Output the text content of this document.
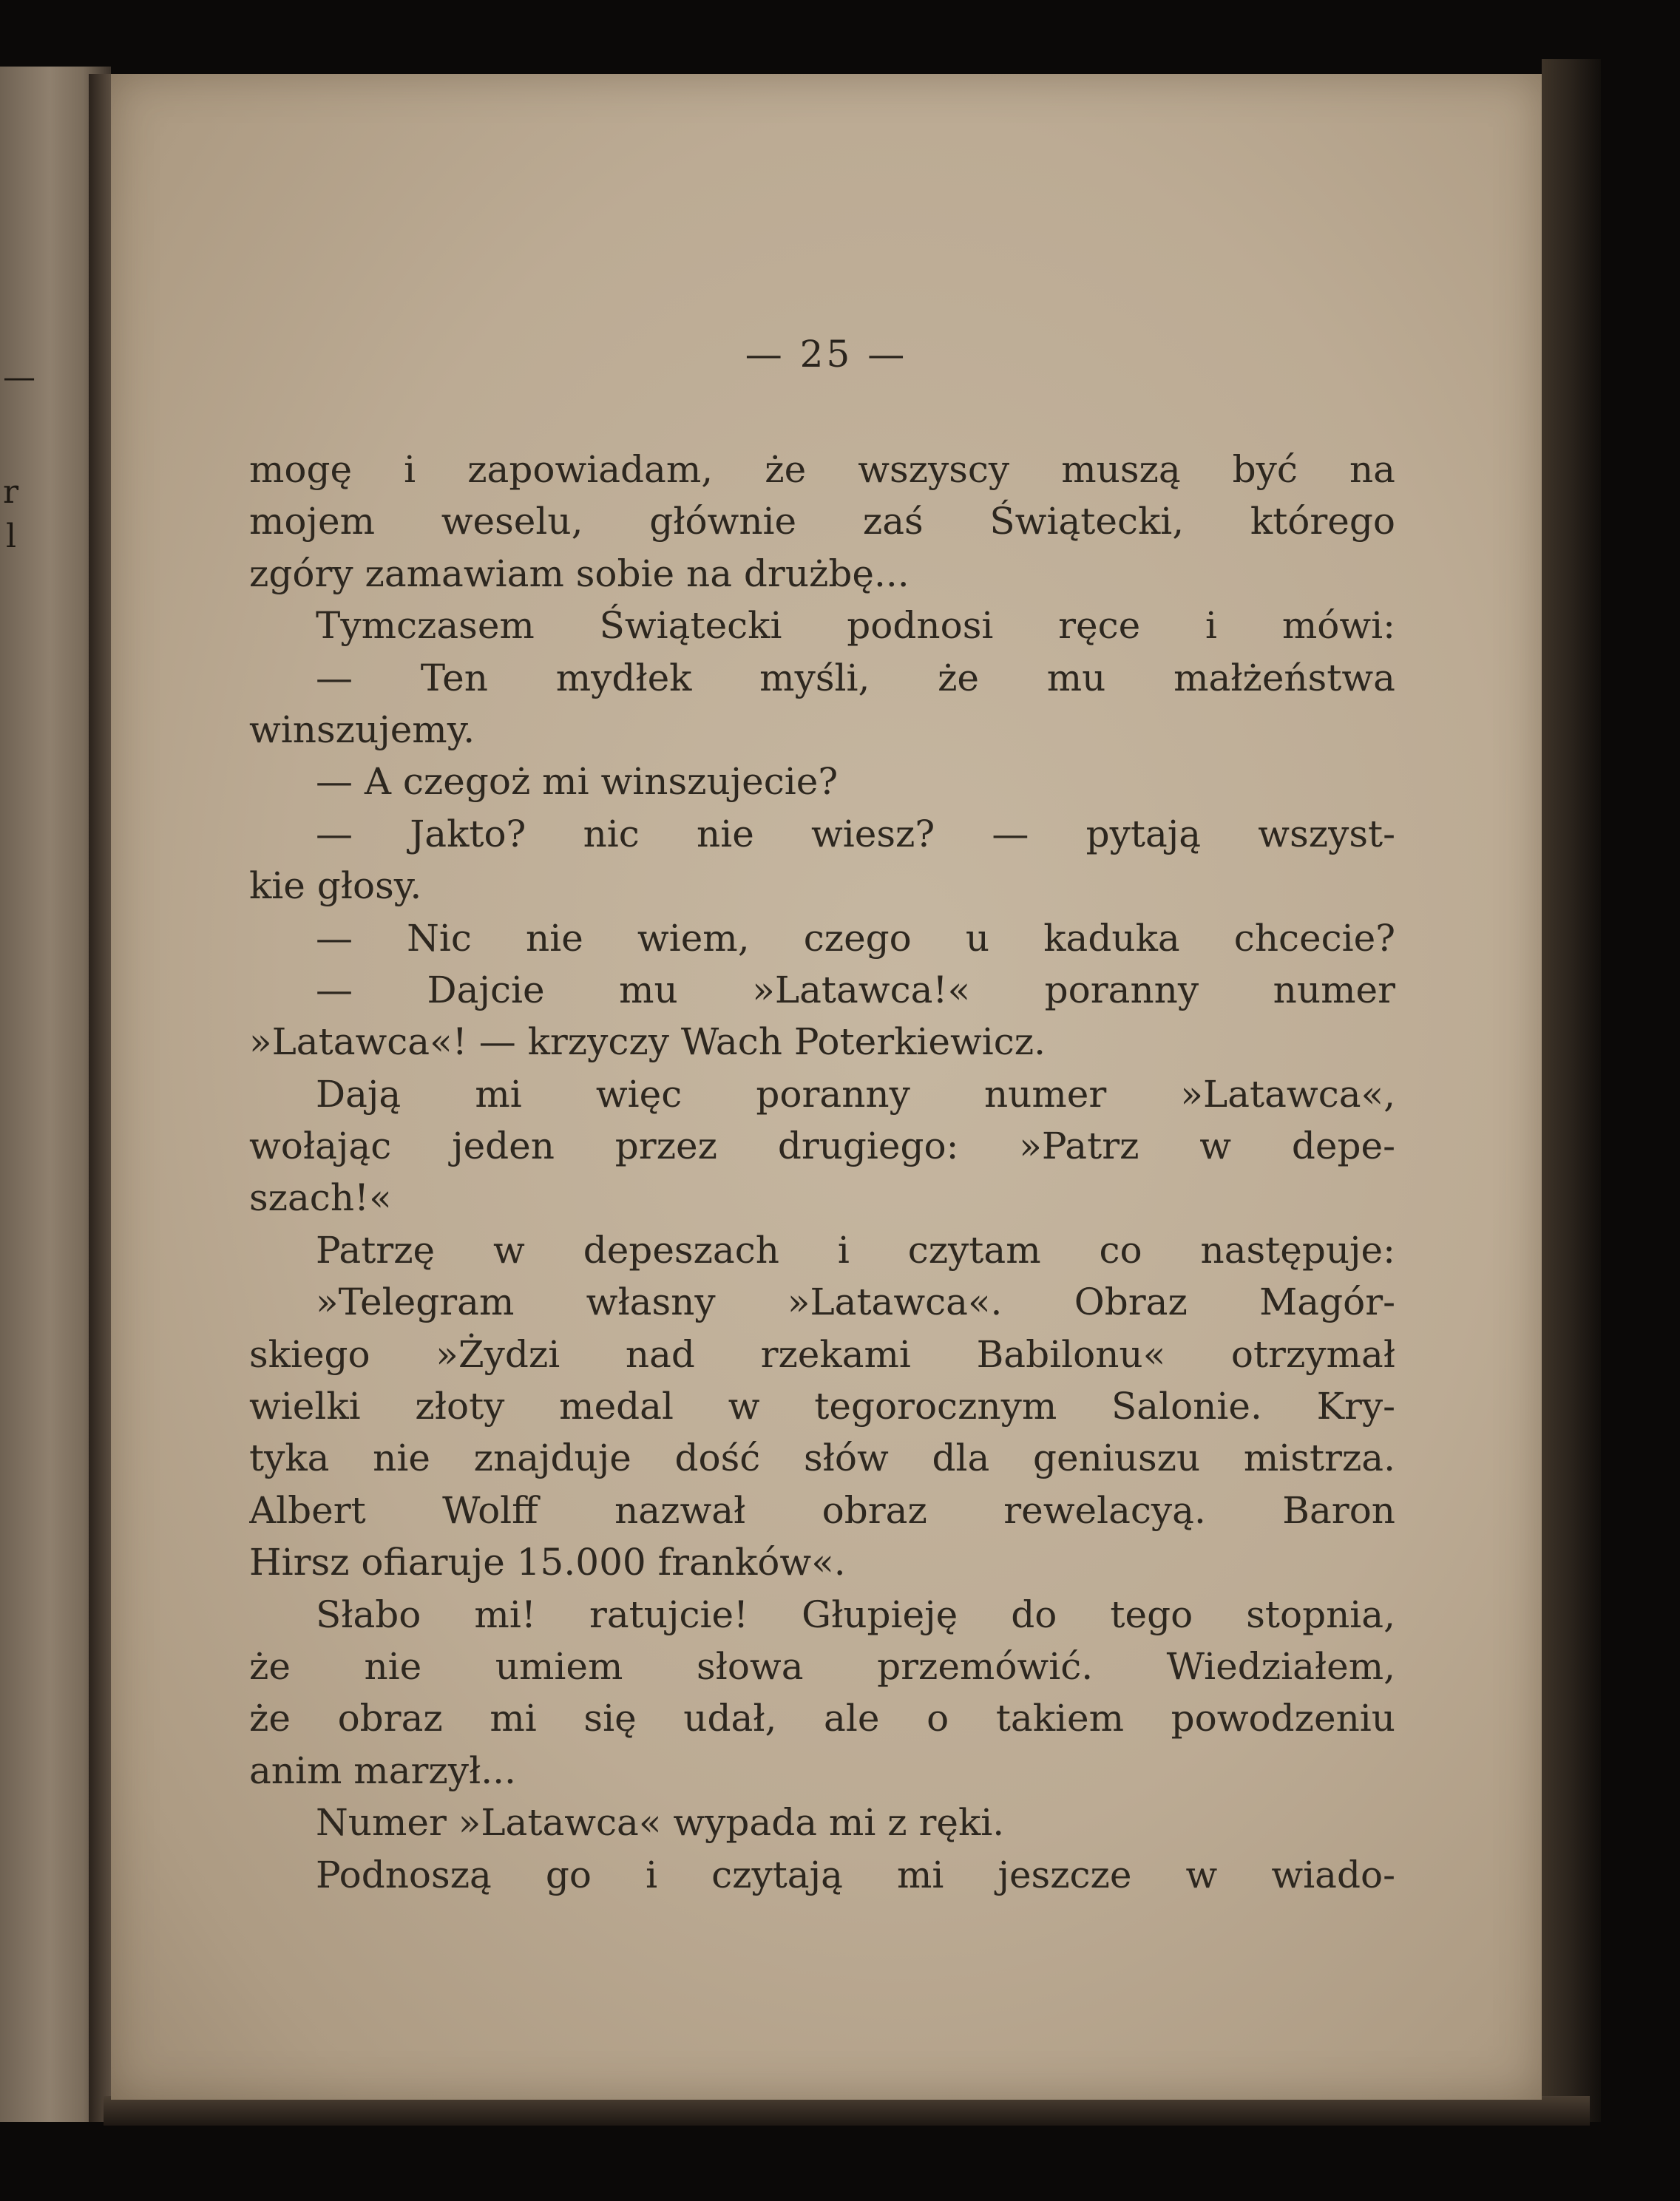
—
r
l
— 25 —
mogę i zapowiadam, że wszyscy muszą być na
mojem weselu, głównie zaś Świątecki, którego
zgóry zamawiam sobie na drużbę...
Tymczasem Świątecki podnosi ręce i mówi:
— Ten mydłek myśli, że mu małżeństwa
winszujemy.
— A czegoż mi winszujecie?
— Jakto? nic nie wiesz? — pytają wszyst-
kie głosy.
— Nic nie wiem, czego u kaduka chcecie?
— Dajcie mu »Latawca!« poranny numer
»Latawca«! — krzyczy Wach Poterkiewicz.
Dają mi więc poranny numer »Latawca«,
wołając jeden przez drugiego: »Patrz w depe-
szach!«
Patrzę w depeszach i czytam co następuje:
»Telegram własny »Latawca«. Obraz Magór-
skiego »Żydzi nad rzekami Babilonu« otrzymał
wielki złoty medal w tegorocznym Salonie. Kry-
tyka nie znajduje dość słów dla geniuszu mistrza.
Albert Wolff nazwał obraz rewelacyą. Baron
Hirsz ofiaruje 15.000 franków«.
Słabo mi! ratujcie! Głupieję do tego stopnia,
że nie umiem słowa przemówić. Wiedziałem,
że obraz mi się udał, ale o takiem powodzeniu
anim marzył...
Numer »Latawca« wypada mi z ręki.
Podnoszą go i czytają mi jeszcze w wiado-
